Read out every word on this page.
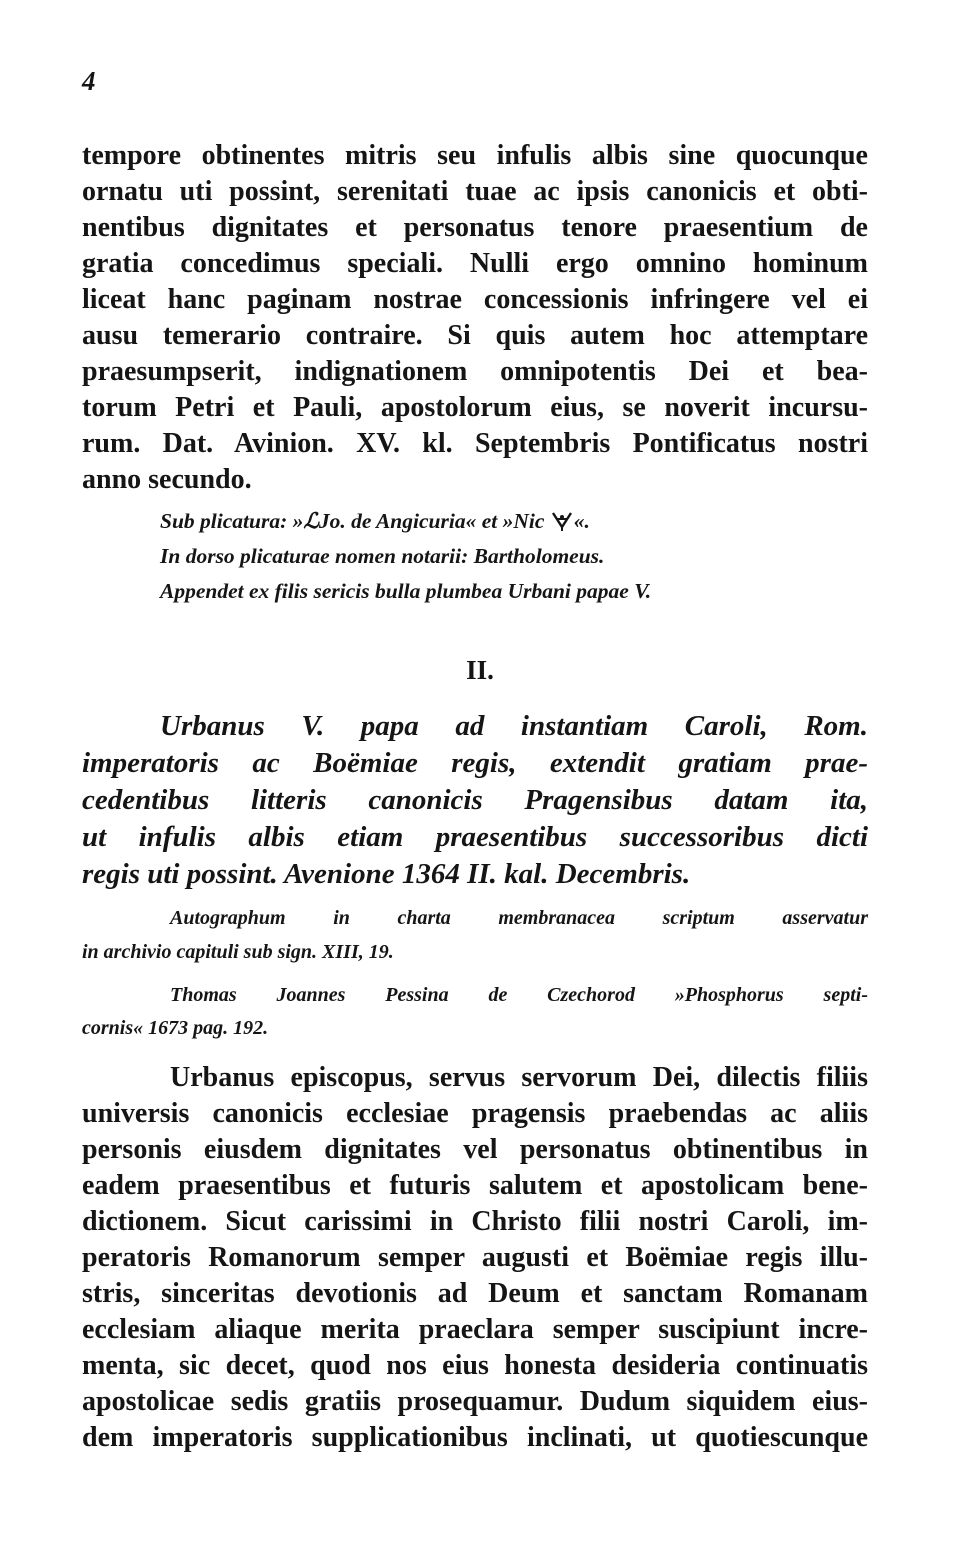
4
tempore obtinentes mitris seu infulis albis sine quocunque
ornatu uti possint, serenitati tuae ac ipsis canonicis et obti-
nentibus dignitates et personatus tenore praesentium de
gratia concedimus speciali. Nulli ergo omnino hominum
liceat hanc paginam nostrae concessionis infringere vel ei
ausu temerario contraire. Si quis autem hoc attemptare
praesumpserit, indignationem omnipotentis Dei et bea-
torum Petri et Pauli, apostolorum eius, se noverit incursu-
rum. Dat. Avinion. XV. kl. Septembris Pontificatus nostri
anno secundo.
Sub plicatura: »ℒJo. de Angicuria« et »Nic «.
In dorso plicaturae nomen notarii: Bartholomeus.
Appendet ex filis sericis bulla plumbea Urbani papae V.
II.
Urbanus V. papa ad instantiam Caroli, Rom.
imperatoris ac Boëmiae regis, extendit gratiam prae-
cedentibus litteris canonicis Pragensibus datam ita,
ut infulis albis etiam praesentibus successoribus dicti
regis uti possint. Avenione 1364 II. kal. Decembris.
Autographum in charta membranacea scriptum asservatur
in archivio capituli sub sign. XIII, 19.
Thomas Joannes Pessina de Czechorod »Phosphorus septi-
cornis« 1673 pag. 192.
Urbanus episcopus, servus servorum Dei, dilectis filiis
universis canonicis ecclesiae pragensis praebendas ac aliis
personis eiusdem dignitates vel personatus obtinentibus in
eadem praesentibus et futuris salutem et apostolicam bene-
dictionem. Sicut carissimi in Christo filii nostri Caroli, im-
peratoris Romanorum semper augusti et Boëmiae regis illu-
stris, sinceritas devotionis ad Deum et sanctam Romanam
ecclesiam aliaque merita praeclara semper suscipiunt incre-
menta, sic decet, quod nos eius honesta desideria continuatis
apostolicae sedis gratiis prosequamur. Dudum siquidem eius-
dem imperatoris supplicationibus inclinati, ut quotiescunque
